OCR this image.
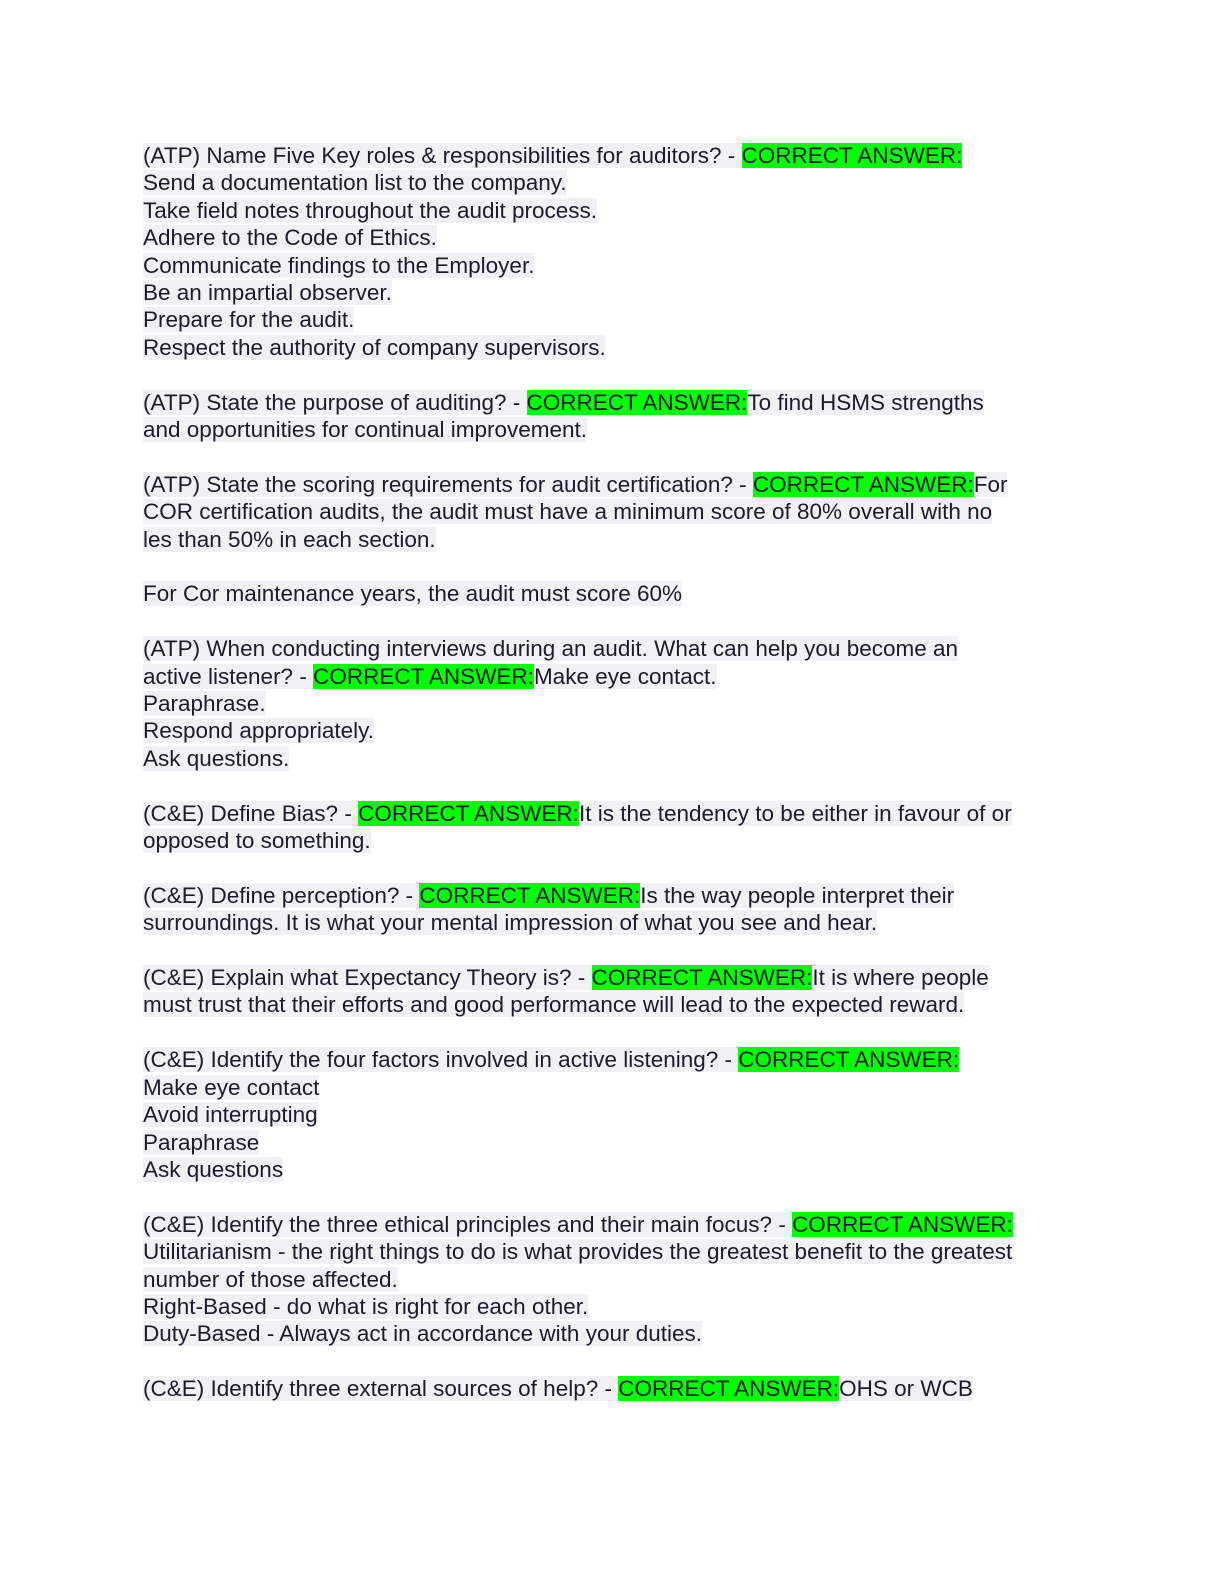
(ATP) Name Five Key roles & responsibilities for auditors? - CORRECT ANSWER:
Send a documentation list to the company.
Take field notes throughout the audit process.
Adhere to the Code of Ethics.
Communicate findings to the Employer.
Be an impartial observer.
Prepare for the audit.
Respect the authority of company supervisors.
(ATP) State the purpose of auditing? - CORRECT ANSWER:To find HSMS strengths
and opportunities for continual improvement.
(ATP) State the scoring requirements for audit certification? - CORRECT ANSWER:For
COR certification audits, the audit must have a minimum score of 80% overall with no
les than 50% in each section.
For Cor maintenance years, the audit must score 60%
(ATP) When conducting interviews during an audit. What can help you become an
active listener? - CORRECT ANSWER:Make eye contact.
Paraphrase.
Respond appropriately.
Ask questions.
(C&E) Define Bias? - CORRECT ANSWER:It is the tendency to be either in favour of or
opposed to something.
(C&E) Define perception? - CORRECT ANSWER:Is the way people interpret their
surroundings. It is what your mental impression of what you see and hear.
(C&E) Explain what Expectancy Theory is? - CORRECT ANSWER:It is where people
must trust that their efforts and good performance will lead to the expected reward.
(C&E) Identify the four factors involved in active listening? - CORRECT ANSWER:
Make eye contact
Avoid interrupting
Paraphrase
Ask questions
(C&E) Identify the three ethical principles and their main focus? - CORRECT ANSWER:
Utilitarianism - the right things to do is what provides the greatest benefit to the greatest
number of those affected.
Right-Based - do what is right for each other.
Duty-Based - Always act in accordance with your duties.
(C&E) Identify three external sources of help? - CORRECT ANSWER:OHS or WCB
